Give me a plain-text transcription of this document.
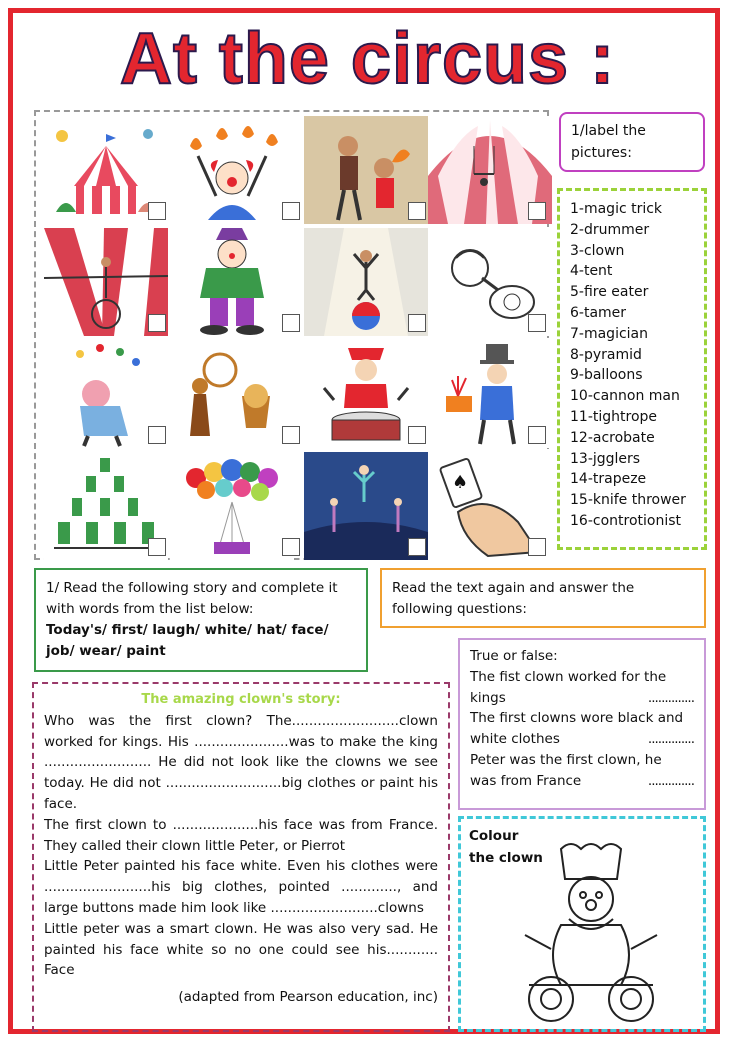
At the circus :
♠
1/label the pictures:
1-magic trick
2-drummer
3-clown
4-tent
5-fire eater
6-tamer
7-magician
8-pyramid
9-balloons
10-cannon man
11-tightrope
12-acrobate
13-jgglers
14-trapeze
15-knife thrower
16-controtionist
1/ Read the following story and complete it with words from the list below:
Today's/ first/ laugh/ white/ hat/ face/ job/ wear/ paint
Read the text again and answer the following questions:
The amazing clown's story:

Who was the first clown? The.........................clown worked for kings. His ......................was to make the king ......................... He did not look like the clowns we see today. He did not ...........................big clothes or paint his face.

The first clown to ....................his face was from France. They called their clown little Peter, or Pierrot

Little Peter painted his face white. Even his clothes were .........................his big clothes, pointed ............., and large buttons made him look like .........................clowns

Little peter was a smart clown. He was also very sad. He painted his face white so no one could see his............ Face

(adapted from Pearson education, inc)

True or false:
The fist clown worked for the
kings	..............
The first clowns wore black and
white clothes	..............
Peter was the first clown, he
was from France	..............
Colour
the clown
